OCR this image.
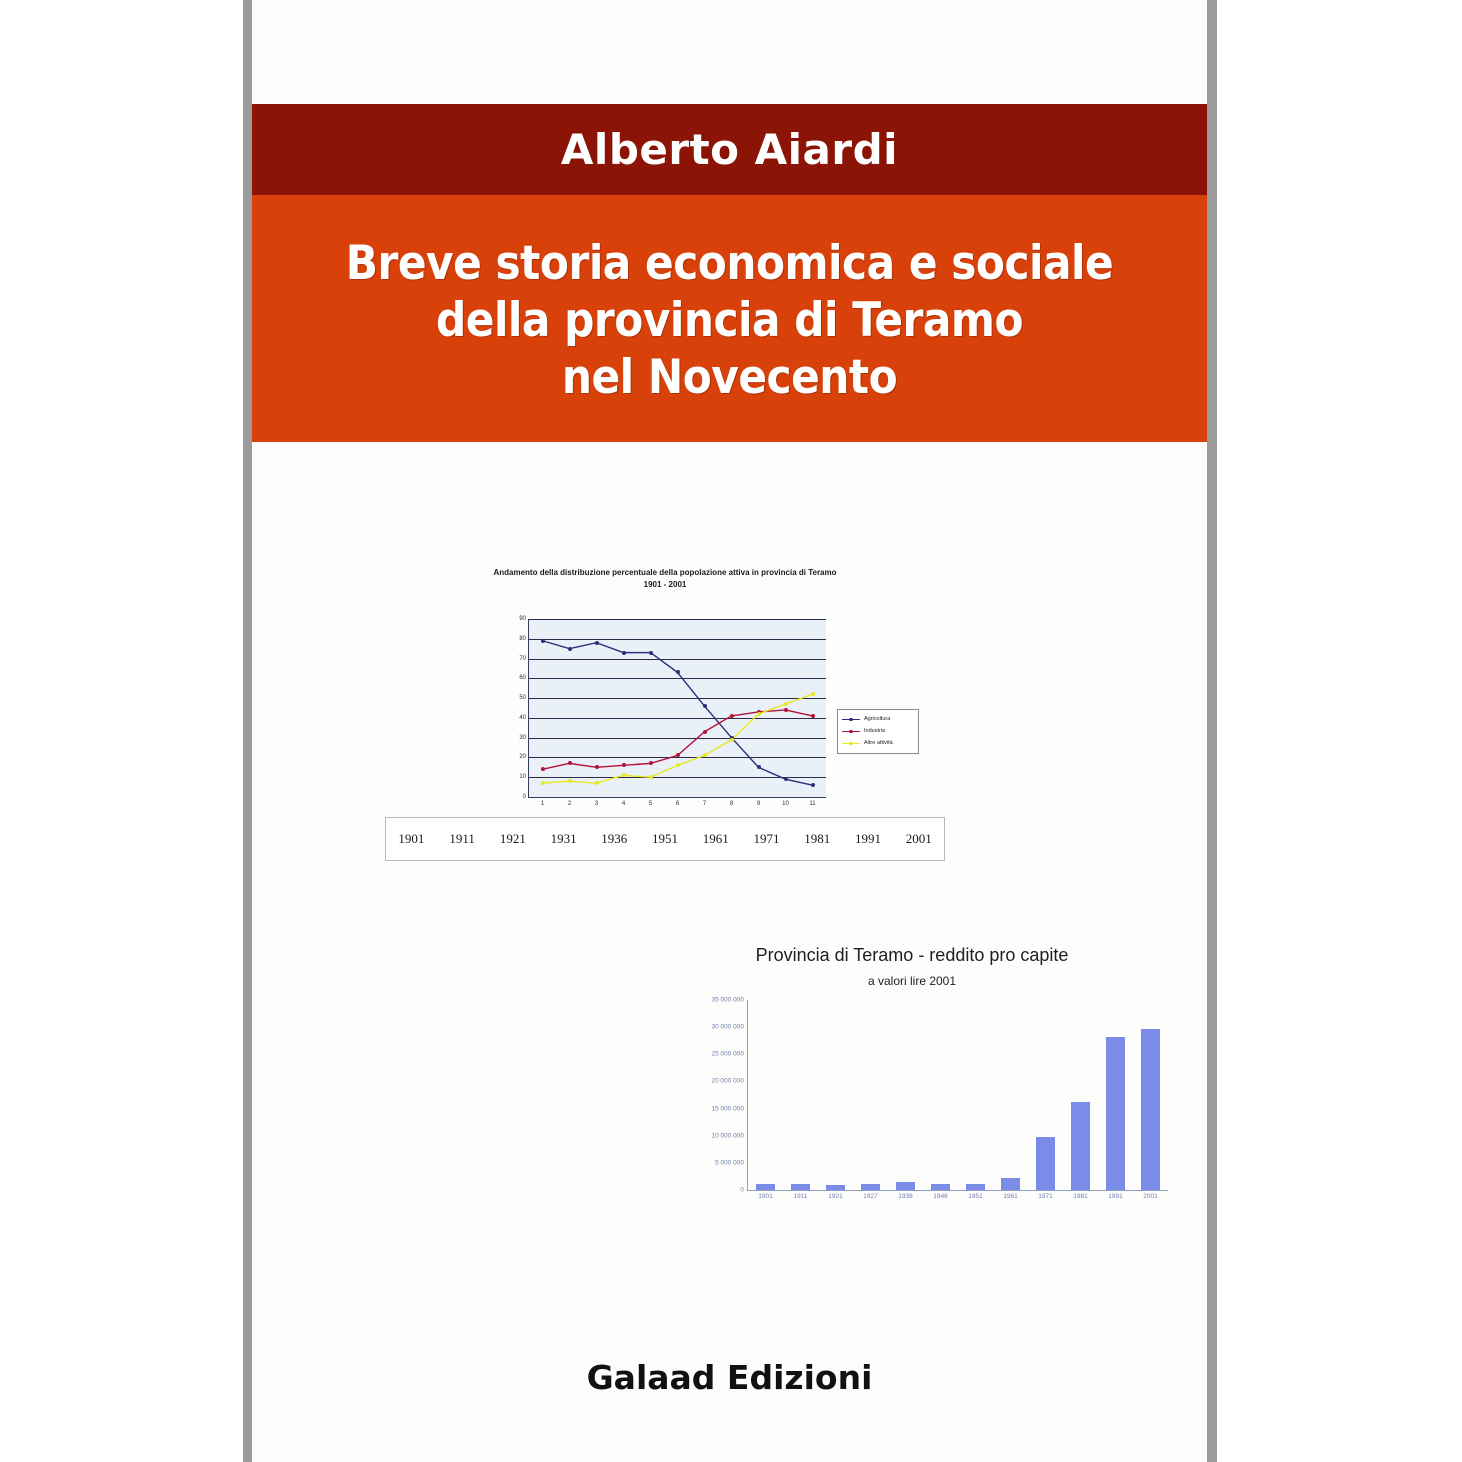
Alberto Aiardi
Breve storia economica e sociale
della provincia di Teramo
nel Novecento
Andamento della distribuzione percentuale della popolazione attiva in provincia di Teramo
1901 - 2001
0
10
20
30
40
50
60
70
80
90
1	2	3	4	5	6	7	8	9	10	11
Agricoltura
Industria
Altre attività
1901	1911	1921	1931	1936	1951	1961	1971	1981	1991	2001
Provincia di Teramo - reddito pro capite
a valori lire 2001
0
5 000 000
10 000 000
15 000 000
20 000 000
25 000 000
30 000 000
35 000 000
1901	1911	1921	1927	1938	1946	1951	1961	1971	1981	1991	2001
Galaad Edizioni
